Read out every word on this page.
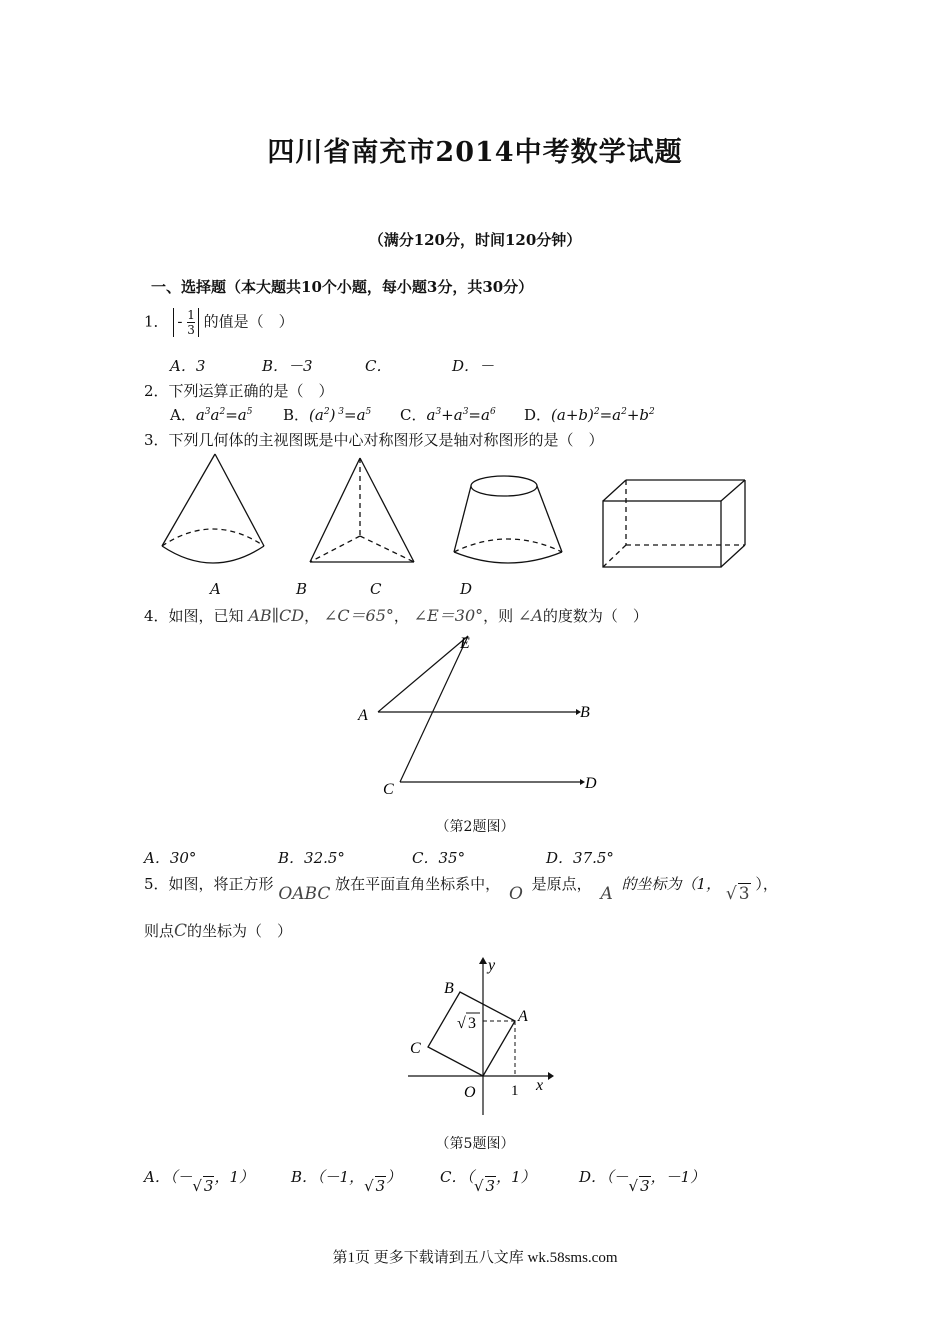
四川省南充市2014中考数学试题
（满分120分，时间120分钟）
一、选择题（本大题共10个小题，每小题3分，共30分）
1． - $\frac{1}{3}$ 的值是（　）
A．3	B．－3	C．	D．－
2．下列运算正确的是（　）
A．$a^3a^2=a^5$ B．$(a^2)$ $^3=a^5$ C．$a^3+a^3=a^6$ D．$(a+b)^2=a^2+b^2$
3．下列几何体的主视图既是中心对称图形又是轴对称图形的是（　）
A	B	C	D
4．如图，已知 AB∥CD， ∠C＝65°， ∠E＝30°，则 ∠A的度数为（　）
E
A	B
C	D
（第2题图）
A．30°	B．32.5°	C．35°	D．37.5°
5．如图，将正方形 OABC 放在平面直角坐标系中， O 是原点， A 的坐标为（1， √ 3 ），
则点C的坐标为（　）
y
x
O
A
B
C
1
√ 3
（第5题图）
A．（－√ 3，1） B．（－1，√ 3）	C．（√ 3，1）	D．（－√ 3，－1）
第1页 更多下载请到五八文库 wk.58sms.com
